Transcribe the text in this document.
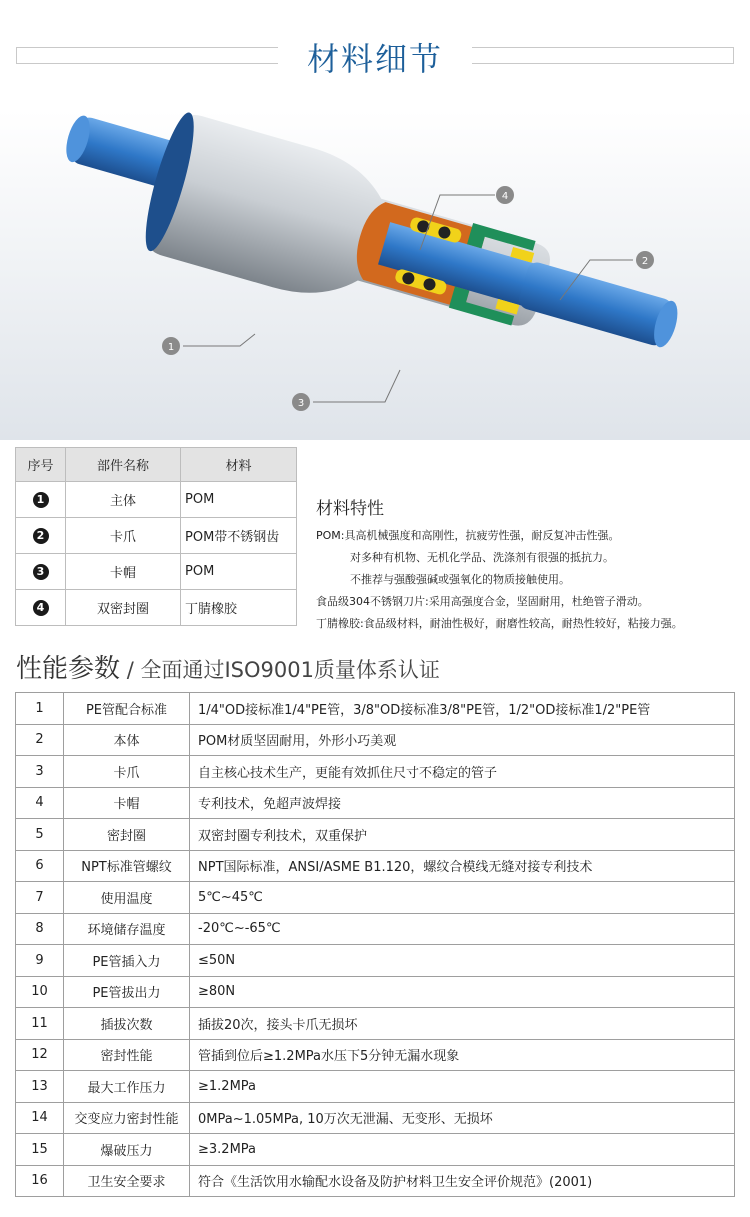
材料细节
1
2
3
4
序号	部件名称	材料
1	主体	POM
2	卡爪	POM带不锈钢齿
3	卡帽	POM
4	双密封圈	丁腈橡胶
材料特性
POM:具高机械强度和高刚性，抗疲劳性强，耐反复冲击性强。
对多种有机物、无机化学品、洗涤剂有很强的抵抗力。
不推荐与强酸强碱或强氧化的物质接触使用。
食品级304不锈钢刀片:采用高强度合金，坚固耐用，杜绝管子滑动。
丁腈橡胶:食品级材料，耐油性极好，耐磨性较高，耐热性较好，粘接力强。
性能参数 / 全面通过ISO9001质量体系认证
1	PE管配合标准	1/4"OD接标准1/4"PE管，3/8"OD接标准3/8"PE管，1/2"OD接标准1/2"PE管
2	本体	POM材质坚固耐用，外形小巧美观
3	卡爪	自主核心技术生产，更能有效抓住尺寸不稳定的管子
4	卡帽	专利技术，免超声波焊接
5	密封圈	双密封圈专利技术，双重保护
6	NPT标准管螺纹	NPT国际标准，ANSI/ASME B1.120，螺纹合模线无缝对接专利技术
7	使用温度	5℃~45℃
8	环境储存温度	-20℃~-65℃
9	PE管插入力	≤50N
10	PE管拔出力	≥80N
11	插拔次数	插拔20次，接头卡爪无损坏
12	密封性能	管插到位后≥1.2MPa水压下5分钟无漏水现象
13	最大工作压力	≥1.2MPa
14	交变应力密封性能	0MPa~1.05MPa, 10万次无泄漏、无变形、无损坏
15	爆破压力	≥3.2MPa
16	卫生安全要求	符合《生活饮用水输配水设备及防护材料卫生安全评价规范》(2001)
